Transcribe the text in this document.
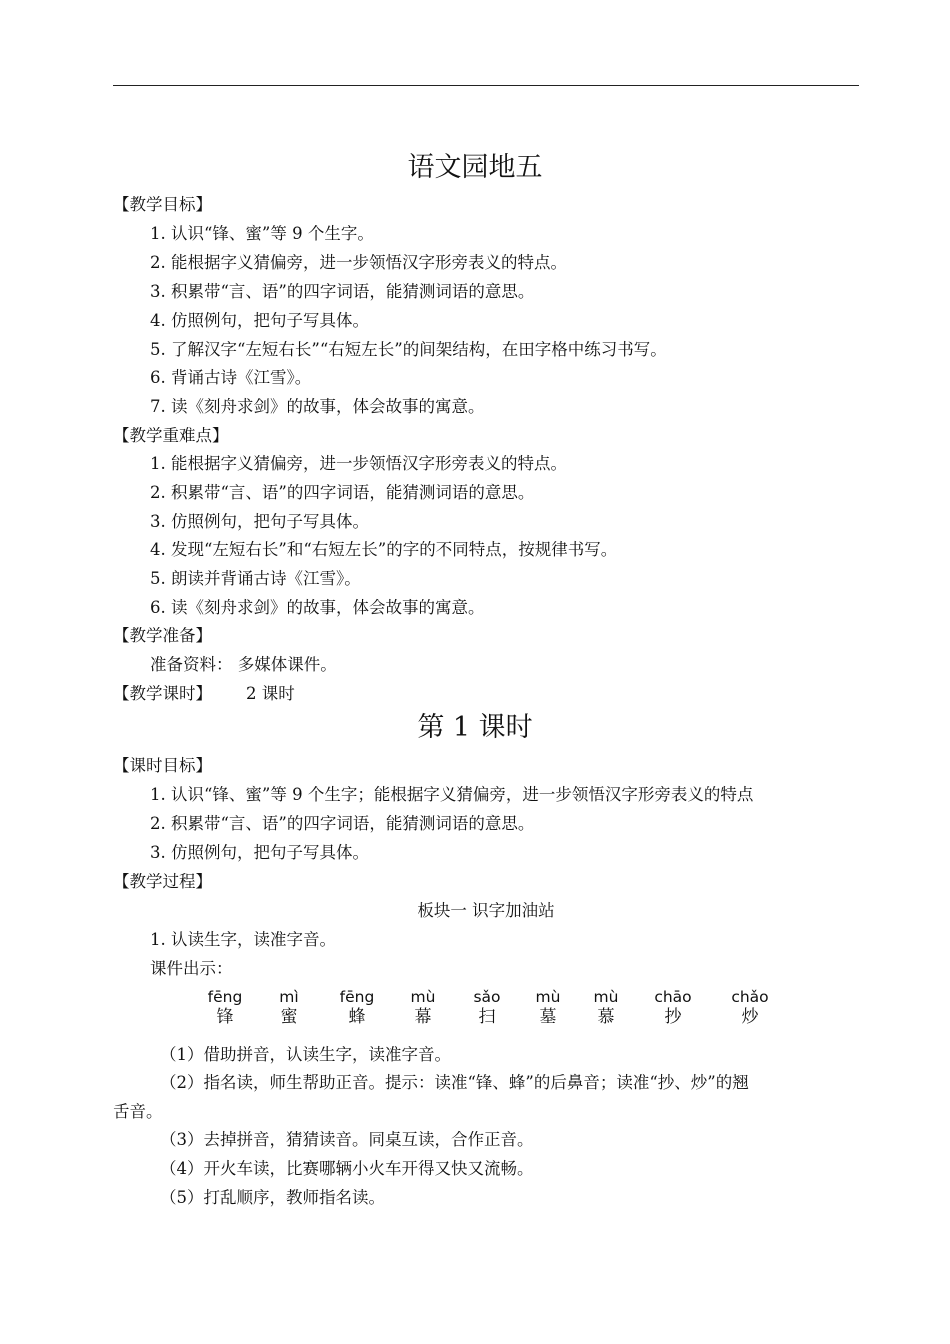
语文园地五
【教学目标】
1. 认识“锋、蜜”等 9 个生字。
2. 能根据字义猜偏旁，进一步领悟汉字形旁表义的特点。
3. 积累带“言、语”的四字词语，能猜测词语的意思。
4. 仿照例句，把句子写具体。
5. 了解汉字“左短右长”“右短左长”的间架结构，在田字格中练习书写。
6. 背诵古诗《江雪》。
7. 读《刻舟求剑》的故事，体会故事的寓意。
【教学重难点】
1. 能根据字义猜偏旁，进一步领悟汉字形旁表义的特点。
2. 积累带“言、语”的四字词语，能猜测词语的意思。
3. 仿照例句，把句子写具体。
4. 发现“左短右长”和“右短左长”的字的不同特点，按规律书写。
5. 朗读并背诵古诗《江雪》。
6. 读《刻舟求剑》的故事，体会故事的寓意。
【教学准备】
准备资料： 多媒体课件。
【教学课时】 2 课时
第 1 课时
【课时目标】
1. 认识“锋、蜜”等 9 个生字；能根据字义猜偏旁，进一步领悟汉字形旁表义的特点
2. 积累带“言、语”的四字词语，能猜测词语的意思。
3. 仿照例句，把句子写具体。
【教学过程】
板块一 识字加油站
1. 认读生字，读准字音。
课件出示：
fēng
锋
mì
蜜
fēng
蜂
mù
幕
sǎo
扫
mù
墓
mù
慕
chāo
抄
chǎo
炒
（1）借助拼音，认读生字，读准字音。
（2）指名读，师生帮助正音。提示：读准“锋、蜂”的后鼻音；读准“抄、炒”的翘
舌音。
（3）去掉拼音，猜猜读音。同桌互读，合作正音。
（4）开火车读，比赛哪辆小火车开得又快又流畅。
（5）打乱顺序，教师指名读。
